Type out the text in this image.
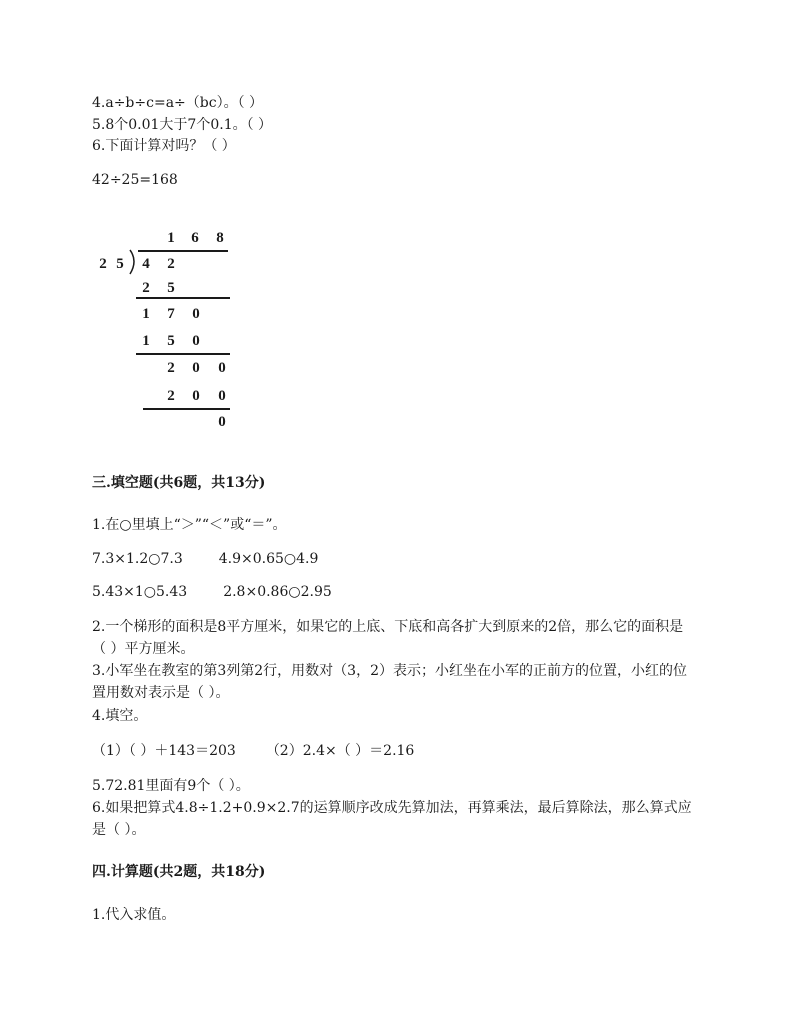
4.a÷b÷c=a÷（bc）。（ ）
5.8个0.01大于7个0.1。（ ）
6.下面计算对吗？（ ）
42÷25=168
1 6 8
2 5 4 2
2 5
1 7 0
1 5 0
2 0 0
2 0 0
0
三.填空题(共6题，共13分)
1.在○里填上“＞”“＜”或“＝”。
7.3×1.2○7.3	4.9×0.65○4.9
5.43×1○5.43	2.8×0.86○2.95
2.一个梯形的面积是8平方厘米，如果它的上底、下底和高各扩大到原来的2倍，那么它的面积是（ ）平方厘米。
3.小军坐在教室的第3列第2行，用数对（3，2）表示；小红坐在小军的正前方的位置，小红的位置用数对表示是（ ）。
4.填空。
（1）（ ）＋143＝203 （2）2.4×（ ）＝2.16
5.72.81里面有9个（ ）。
6.如果把算式4.8÷1.2+0.9×2.7的运算顺序改成先算加法，再算乘法，最后算除法，那么算式应是（ ）。
四.计算题(共2题，共18分)
1.代入求值。
